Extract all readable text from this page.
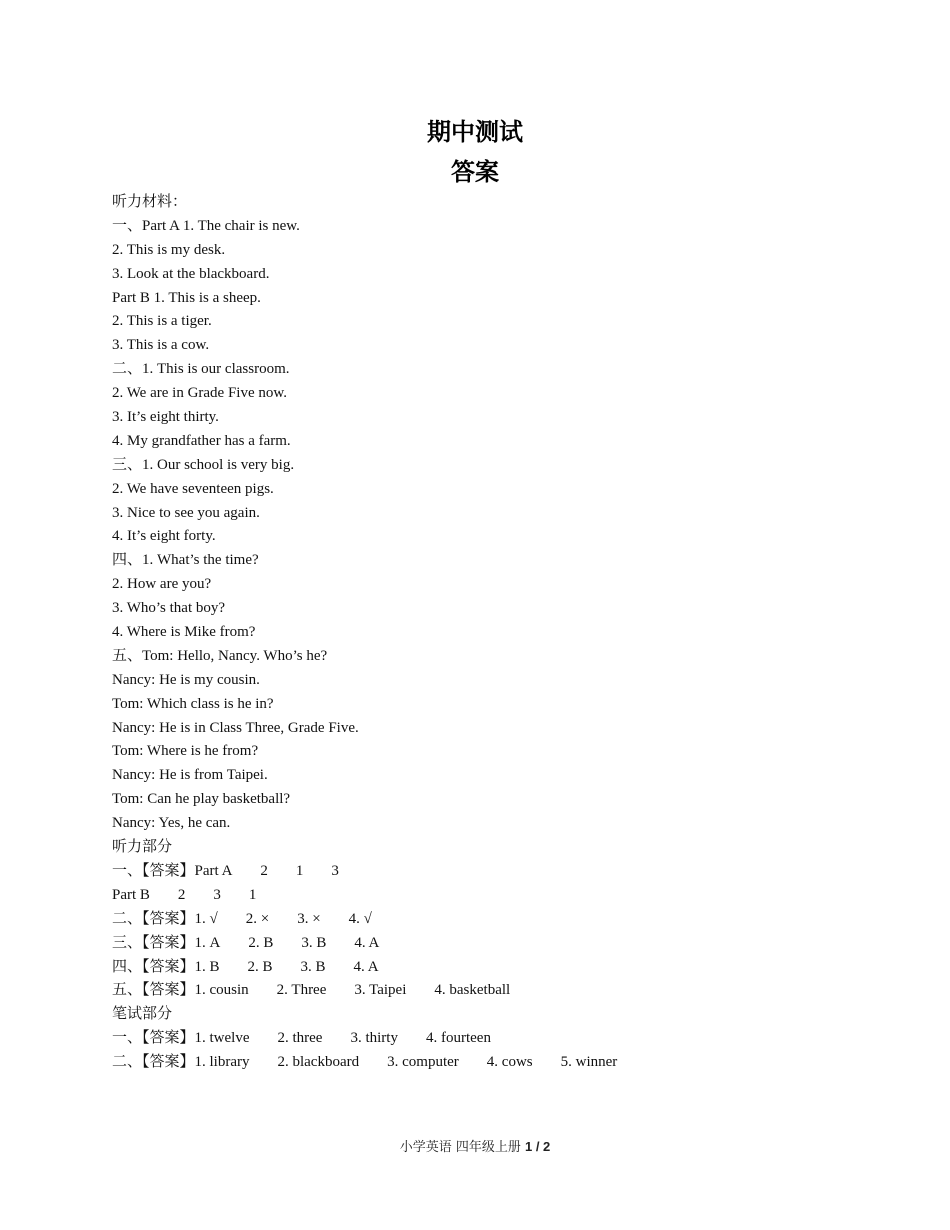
期中测试
答案
听力材料：
一、Part A 1. The chair is new.
2. This is my desk.
3. Look at the blackboard.
Part B 1. This is a sheep.
2. This is a tiger.
3. This is a cow.
二、1. This is our classroom.
2. We are in Grade Five now.
3. It’s eight thirty.
4. My grandfather has a farm.
三、1. Our school is very big.
2. We have seventeen pigs.
3. Nice to see you again.
4. It’s eight forty.
四、1. What’s the time?
2. How are you?
3. Who’s that boy?
4. Where is Mike from?
五、Tom: Hello, Nancy. Who’s he?
Nancy: He is my cousin.
Tom: Which class is he in?
Nancy: He is in Class Three, Grade Five.
Tom: Where is he from?
Nancy: He is from Taipei.
Tom: Can he play basketball?
Nancy: Yes, he can.
听力部分
一、【答案】Part A 2 1 3
Part B 2 3 1
二、【答案】1. √ 2. × 3. × 4. √
三、【答案】1. A 2. B 3. B 4. A
四、【答案】1. B 2. B 3. B 4. A
五、【答案】1. cousin 2. Three 3. Taipei 4. basketball
笔试部分
一、【答案】1. twelve 2. three 3. thirty 4. fourteen
二、【答案】1. library 2. blackboard 3. computer 4. cows 5. winner
小学英语 四年级上册 1 / 2
